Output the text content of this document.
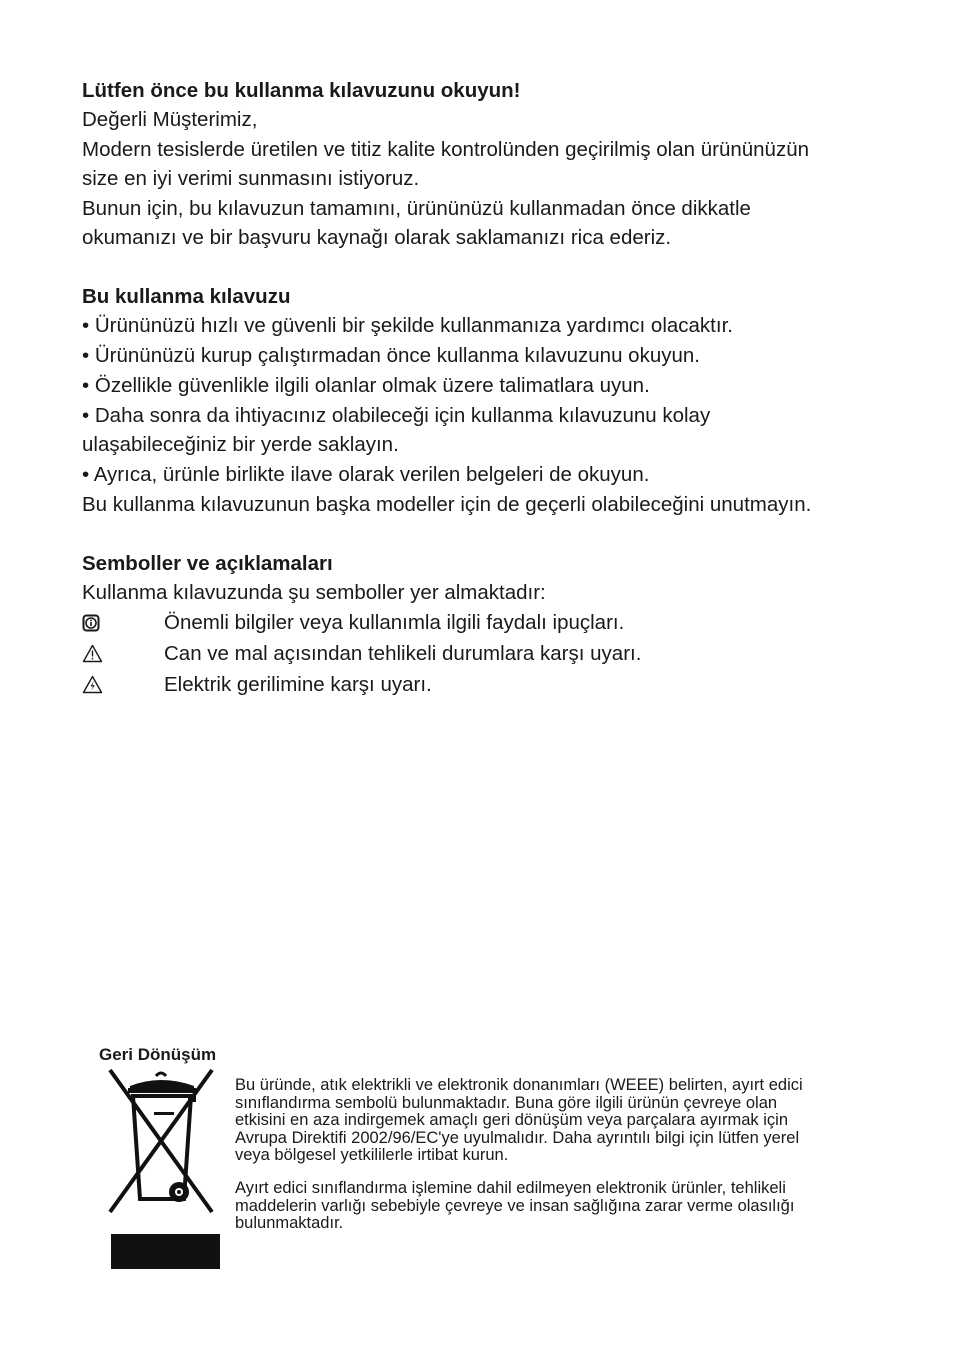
Lütfen önce bu kullanma kılavuzunu okuyun!

Değerli Müşterimiz,

Modern tesislerde üretilen ve titiz kalite kontrolünden geçirilmiş olan ürününüzün

size en iyi verimi sunmasını istiyoruz.

Bunun için, bu kılavuzun tamamını, ürününüzü kullanmadan önce dikkatle

okumanızı ve bir başvuru kaynağı olarak saklamanızı rica ederiz.

Bu kullanma kılavuzu

• Ürününüzü hızlı ve güvenli bir şekilde kullanmanıza yardımcı olacaktır.

• Ürününüzü kurup çalıştırmadan önce kullanma kılavuzunu okuyun.

• Özellikle güvenlikle ilgili olanlar olmak üzere talimatlara uyun.

• Daha sonra da ihtiyacınız olabileceği için kullanma kılavuzunu kolay

ulaşabileceğiniz bir yerde saklayın.

• Ayrıca, ürünle birlikte ilave olarak verilen belgeleri de okuyun.

Bu kullanma kılavuzunun başka modeller için de geçerli olabileceğini unutmayın.

Semboller ve açıklamaları

Kullanma kılavuzunda şu semboller yer almaktadır:

Önemli bilgiler veya kullanımla ilgili faydalı ipuçları.
Can ve mal açısından tehlikeli durumlara karşı uyarı.
Elektrik gerilimine karşı uyarı.

Geri Dönüşüm

Bu üründe, atık elektrikli ve elektronik donanımları (WEEE) belirten, ayırt edici

sınıflandırma sembolü bulunmaktadır. Buna göre ilgili ürünün çevreye olan

etkisini en aza indirgemek amaçlı geri dönüşüm veya parçalara ayırmak için

Avrupa Direktifi 2002/96/EC'ye uyulmalıdır. Daha ayrıntılı bilgi için lütfen yerel

veya bölgesel yetkililerle irtibat kurun.

Ayırt edici sınıflandırma işlemine dahil edilmeyen elektronik ürünler, tehlikeli

maddelerin varlığı sebebiyle çevreye ve insan sağlığına zarar verme olasılığı

bulunmaktadır.
